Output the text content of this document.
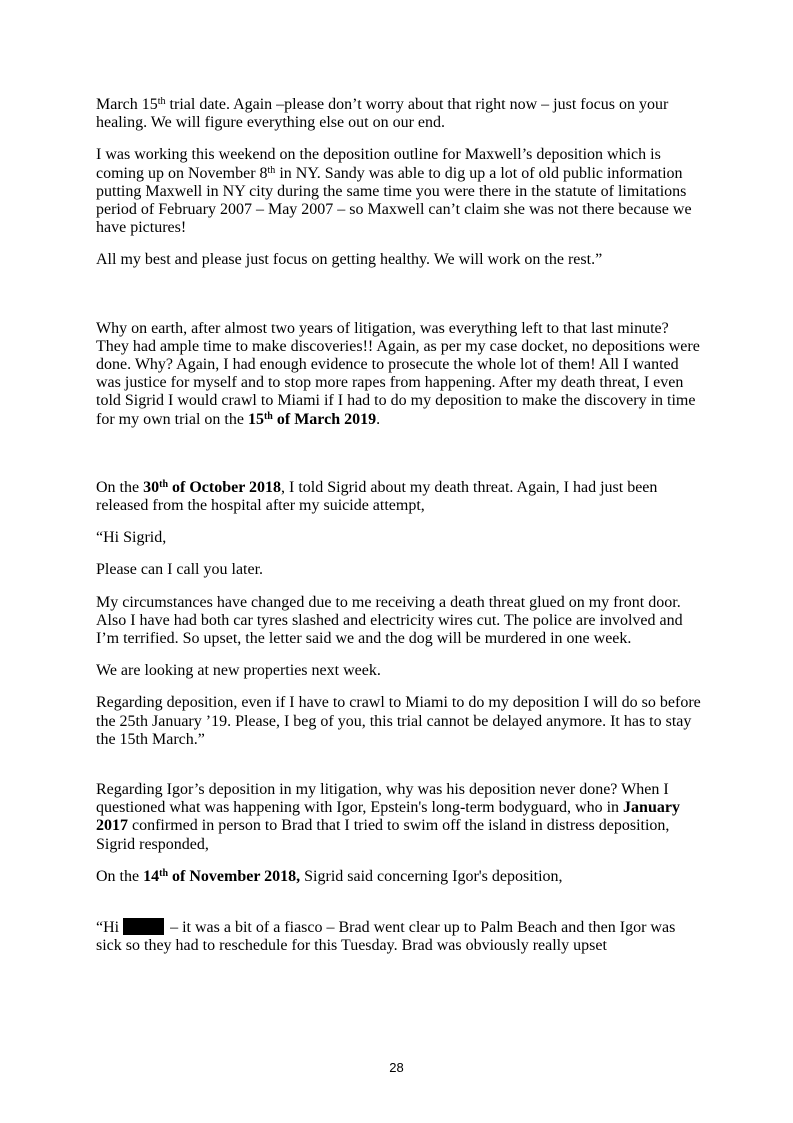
March 15th trial date. Again –please don’t worry about that right now – just focus on your healing. We will figure everything else out on our end.

I was working this weekend on the deposition outline for Maxwell’s deposition which is coming up on November 8th in NY. Sandy was able to dig up a lot of old public information putting Maxwell in NY city during the same time you were there in the statute of limitations period of February 2007 – May 2007 – so Maxwell can’t claim she was not there because we have pictures!

All my best and please just focus on getting healthy. We will work on the rest.”

Why on earth, after almost two years of litigation, was everything left to that last minute? They had ample time to make discoveries!! Again, as per my case docket, no depositions were done. Why? Again, I had enough evidence to prosecute the whole lot of them! All I wanted was justice for myself and to stop more rapes from happening. After my death threat, I even told Sigrid I would crawl to Miami if I had to do my deposition to make the discovery in time for my own trial on the 15th of March 2019.

On the 30th of October 2018, I told Sigrid about my death threat. Again, I had just been released from the hospital after my suicide attempt,

“Hi Sigrid,

Please can I call you later.

My circumstances have changed due to me receiving a death threat glued on my front door. Also I have had both car tyres slashed and electricity wires cut. The police are involved and I’m terrified. So upset, the letter said we and the dog will be murdered in one week.

We are looking at new properties next week.

Regarding deposition, even if I have to crawl to Miami to do my deposition I will do so before the 25th January ’19. Please, I beg of you, this trial cannot be delayed anymore. It has to stay the 15th March.”

Regarding Igor’s deposition in my litigation, why was his deposition never done? When I questioned what was happening with Igor, Epstein's long-term bodyguard, who in January 2017 confirmed in person to Brad that I tried to swim off the island in distress deposition, Sigrid responded,

On the 14th of November 2018, Sigrid said concerning Igor's deposition,

“Hi	– it was a bit of a fiasco – Brad went clear up to Palm Beach and then Igor was sick so they had to reschedule for this Tuesday. Brad was obviously really upset

28
